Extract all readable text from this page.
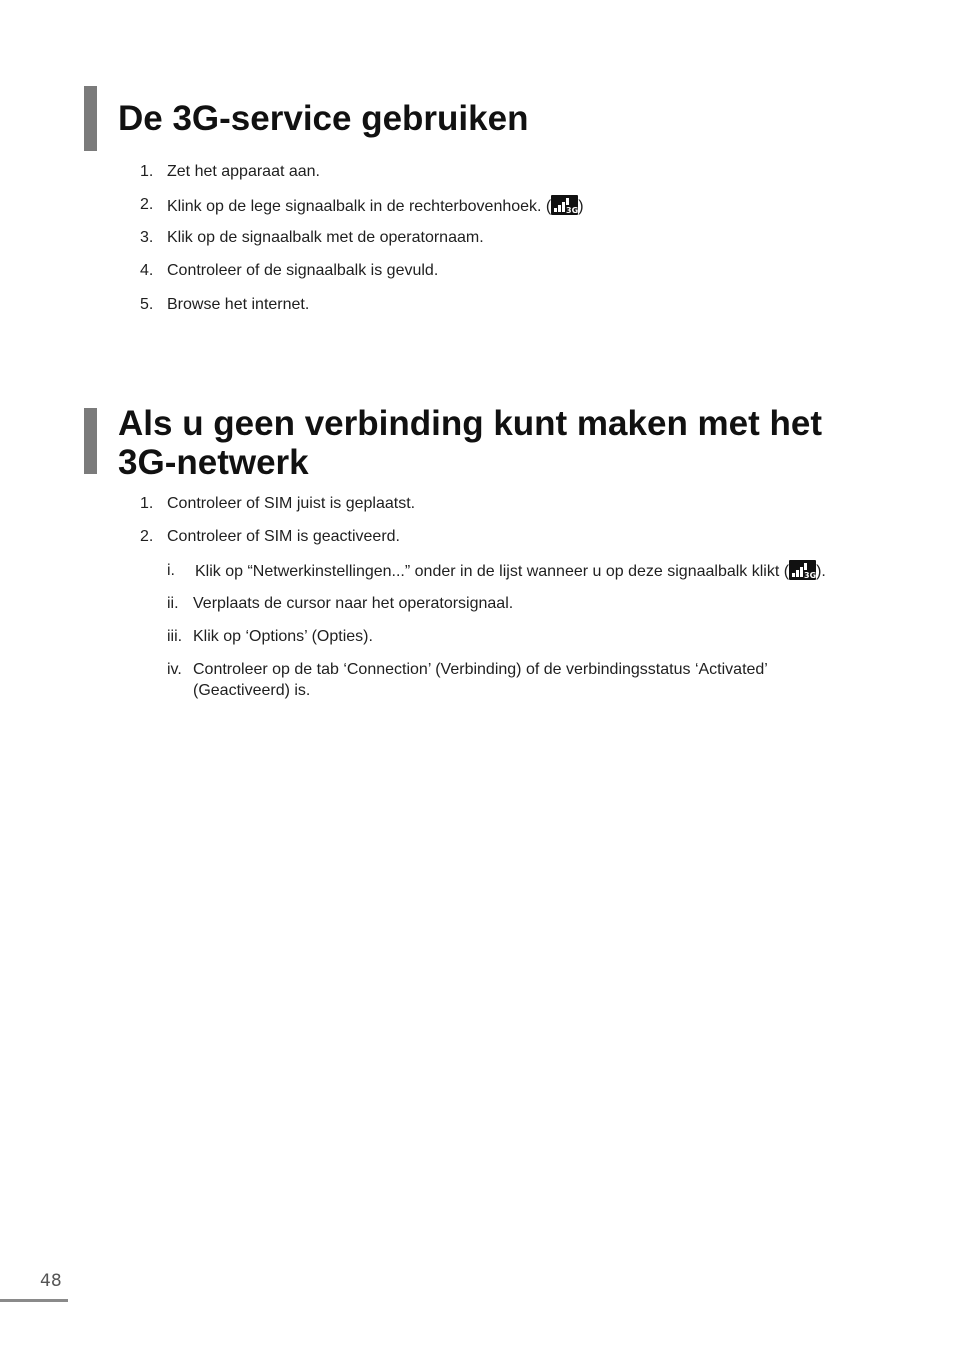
De 3G-service gebruiken
1. Zet het apparaat aan.
2. Klink op de lege signaalbalk in de rechterbovenhoek. ( 3G )
3. Klik op de signaalbalk met de operatornaam.
4. Controleer of de signaalbalk is gevuld.
5. Browse het internet.
Als u geen verbinding kunt maken met het
3G-netwerk
1. Controleer of SIM juist is geplaatst.
2. Controleer of SIM is geactiveerd.
i.	Klik op “Netwerkinstellingen...” onder in de lijst wanneer u op deze signaalbalk klikt ( 3G ).
ii. Verplaats de cursor naar het operatorsignaal.
iii. Klik op ‘Options’ (Opties).
iv. Controleer op de tab ‘Connection’ (Verbinding) of de verbindingsstatus ‘Activated’ (Geactiveerd) is.
48
